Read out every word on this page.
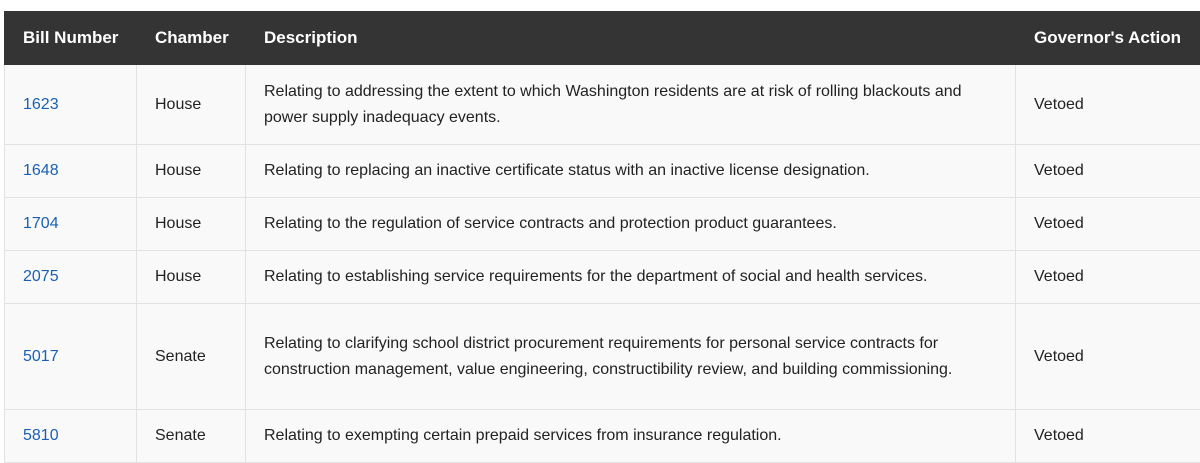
Bill Number	Chamber	Description	Governor's Action
1623	House	Relating to addressing the extent to which Washington residents are at risk of rolling blackouts and power supply inadequacy events.	Vetoed
1648	House	Relating to replacing an inactive certificate status with an inactive license designation.	Vetoed
1704	House	Relating to the regulation of service contracts and protection product guarantees.	Vetoed
2075	House	Relating to establishing service requirements for the department of social and health services.	Vetoed
5017	Senate	Relating to clarifying school district procurement requirements for personal service contracts for construction management, value engineering, constructibility review, and building commissioning.	Vetoed
5810	Senate	Relating to exempting certain prepaid services from insurance regulation.	Vetoed
